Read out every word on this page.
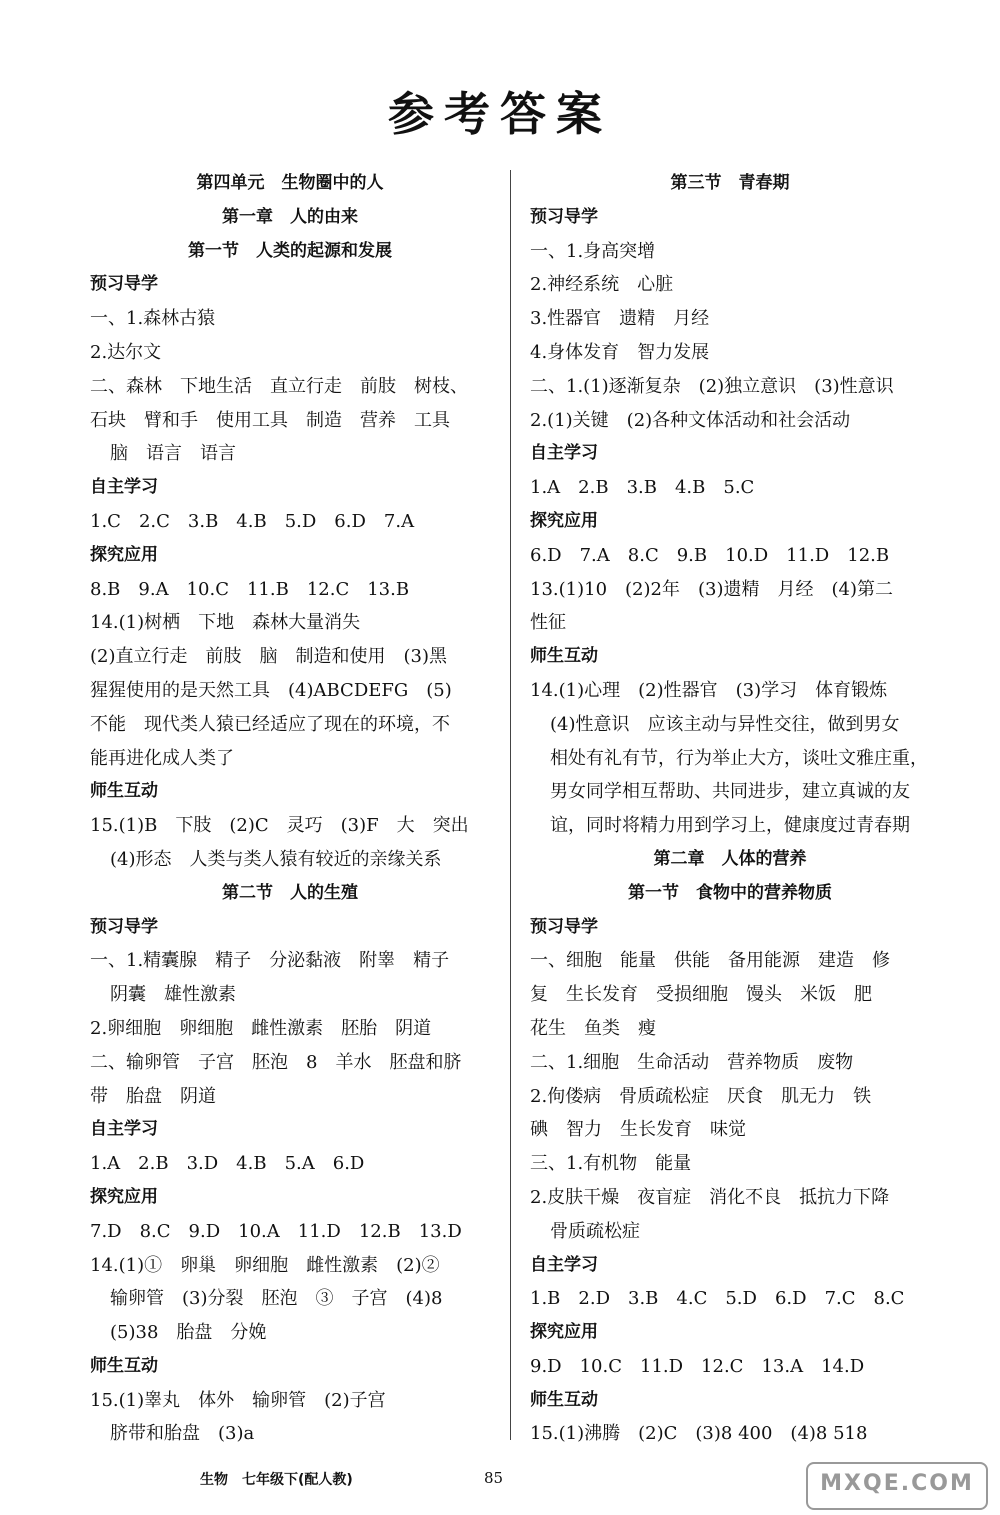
参考答案
第四单元　生物圈中的人
第一章　人的由来
第一节　人类的起源和发展
预习导学
一、1.森林古猿
2.达尔文
二、森林　下地生活　直立行走　前肢　树枝、
石块　臂和手　使用工具　制造　营养　工具
脑　语言　语言
自主学习
1.C　2.C　3.B　4.B　5.D　6.D　7.A
探究应用
8.B　9.A　10.C　11.B　12.C　13.B
14.(1)树栖　下地　森林大量消失
(2)直立行走　前肢　脑　制造和使用　(3)黑
猩猩使用的是天然工具　(4)ABCDEFG　(5)
不能　现代类人猿已经适应了现在的环境，不
能再进化成人类了
师生互动
15.(1)B　下肢　(2)C　灵巧　(3)F　大　突出
(4)形态　人类与类人猿有较近的亲缘关系
第二节　人的生殖
预习导学
一、1.精囊腺　精子　分泌黏液　附睾　精子
阴囊　雄性激素
2.卵细胞　卵细胞　雌性激素　胚胎　阴道
二、输卵管　子宫　胚泡　8　羊水　胚盘和脐
带　胎盘　阴道
自主学习
1.A　2.B　3.D　4.B　5.A　6.D
探究应用
7.D　8.C　9.D　10.A　11.D　12.B　13.D
14.(1)①　卵巢　卵细胞　雌性激素　(2)②
输卵管　(3)分裂　胚泡　③　子宫　(4)8
(5)38　胎盘　分娩
师生互动
15.(1)睾丸　体外　输卵管　(2)子宫
脐带和胎盘　(3)a
第三节　青春期
预习导学
一、1.身高突增
2.神经系统　心脏
3.性器官　遗精　月经
4.身体发育　智力发展
二、1.(1)逐渐复杂　(2)独立意识　(3)性意识
2.(1)关键　(2)各种文体活动和社会活动
自主学习
1.A　2.B　3.B　4.B　5.C
探究应用
6.D　7.A　8.C　9.B　10.D　11.D　12.B
13.(1)10　(2)2年　(3)遗精　月经　(4)第二
性征
师生互动
14.(1)心理　(2)性器官　(3)学习　体育锻炼
(4)性意识　应该主动与异性交往，做到男女
相处有礼有节，行为举止大方，谈吐文雅庄重，
男女同学相互帮助、共同进步，建立真诚的友
谊，同时将精力用到学习上，健康度过青春期
第二章　人体的营养
第一节　食物中的营养物质
预习导学
一、细胞　能量　供能　备用能源　建造　修
复　生长发育　受损细胞　馒头　米饭　肥
花生　鱼类　瘦
二、1.细胞　生命活动　营养物质　废物
2.佝偻病　骨质疏松症　厌食　肌无力　铁
碘　智力　生长发育　味觉
三、1.有机物　能量
2.皮肤干燥　夜盲症　消化不良　抵抗力下降
骨质疏松症
自主学习
1.B　2.D　3.B　4.C　5.D　6.D　7.C　8.C
探究应用
9.D　10.C　11.D　12.C　13.A　14.D
师生互动
15.(1)沸腾　(2)C　(3)8 400　(4)8 518
生物　七年级下(配人教)	85	MXQE.COM
